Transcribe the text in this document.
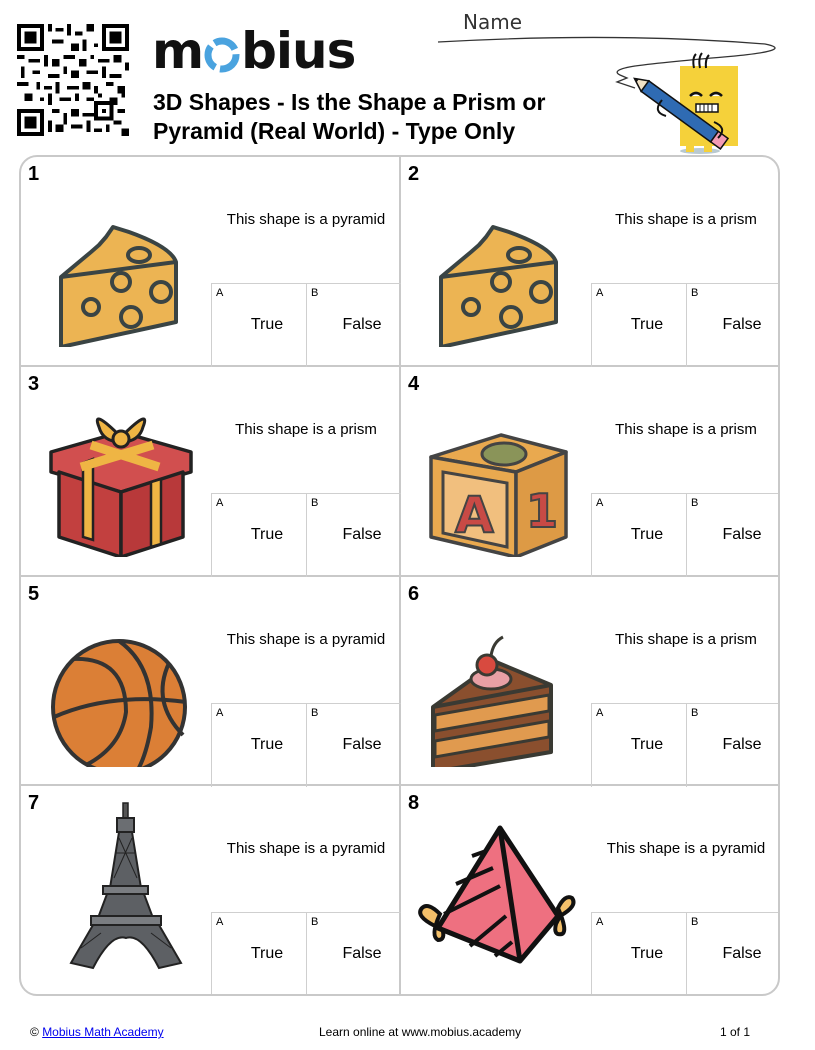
m bius
3D Shapes - Is the Shape a Prism or
Pyramid (Real World) - Type Only
Name
1
This shape is a pyramid
A
True
B
False
2
This shape is a prism
A
True
B
False
3
This shape is a prism
A
True
B
False
4
A 1
This shape is a prism
A
True
B
False
5
This shape is a pyramid
A
True
B
False
6
This shape is a prism
A
True
B
False
7
This shape is a pyramid
A
True
B
False
8
This shape is a pyramid
A
True
B
False
© Mobius Math Academy	Learn online at www.mobius.academy	1 of 1
